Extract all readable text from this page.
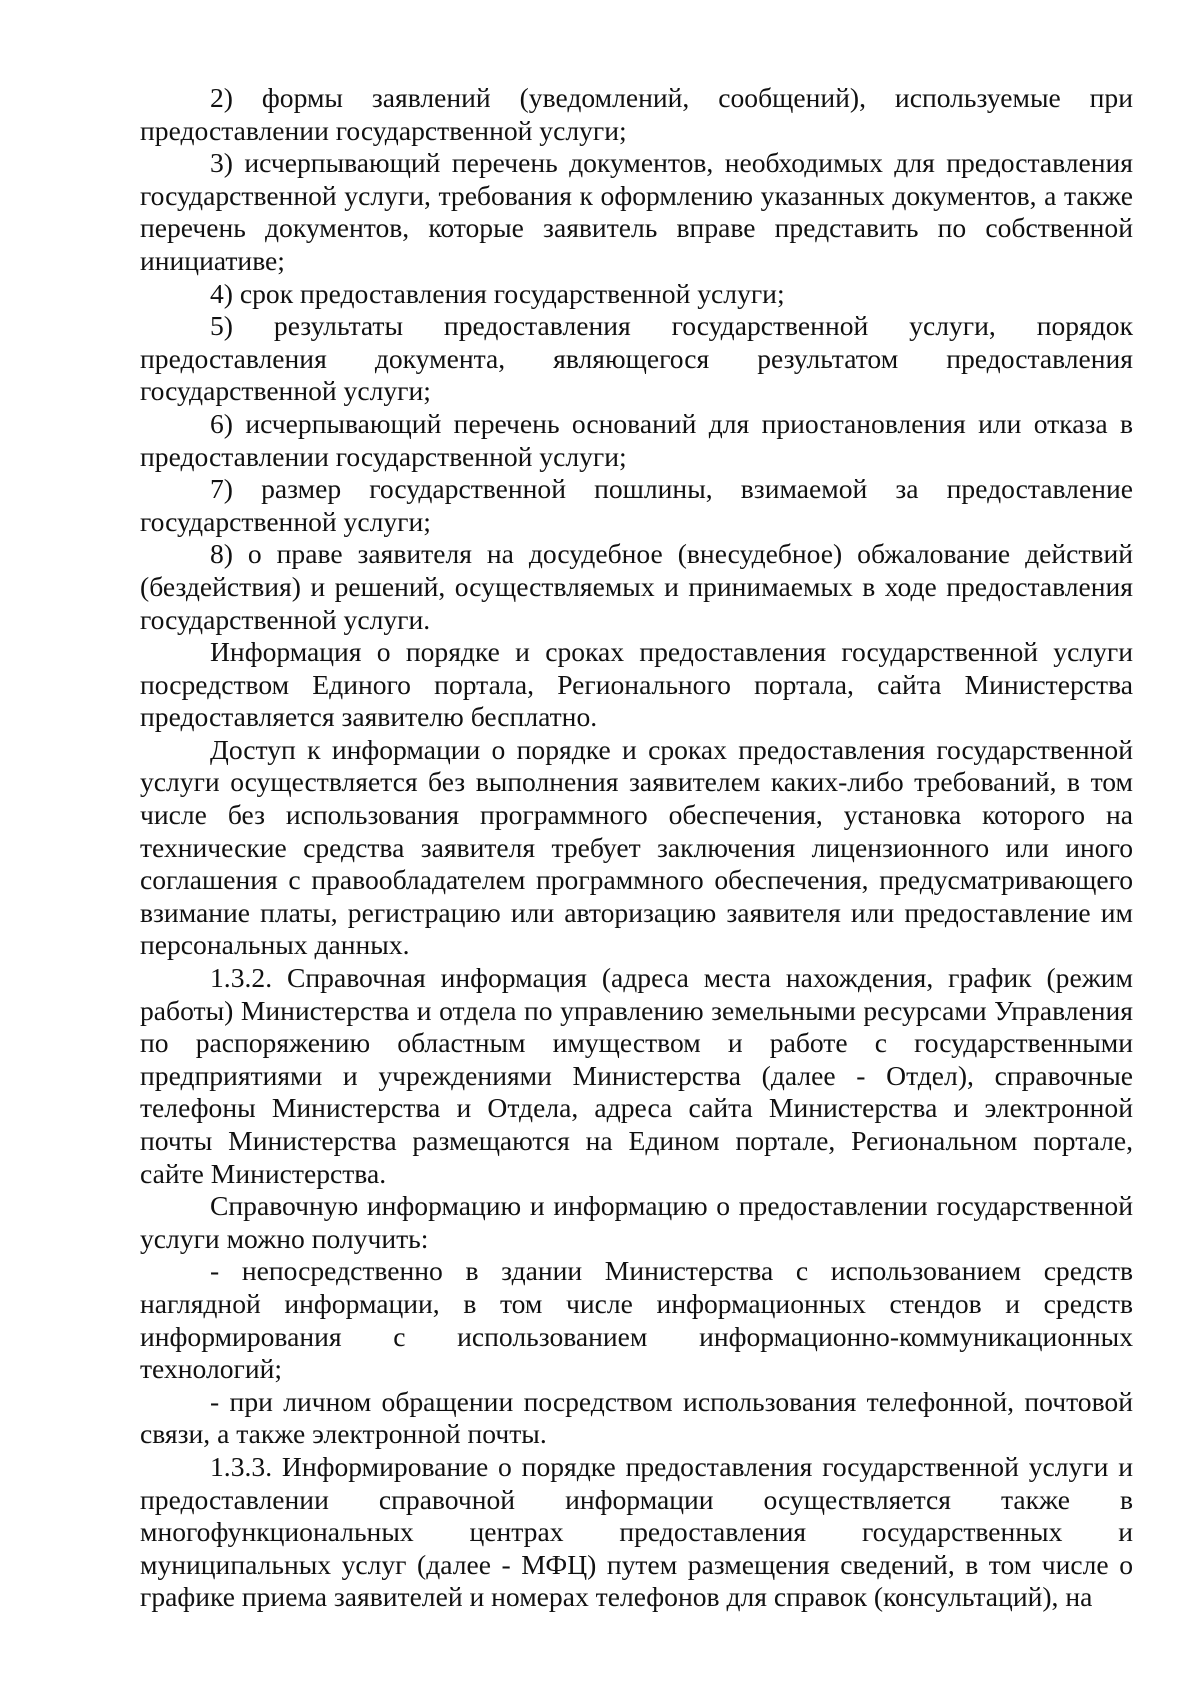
2) формы заявлений (уведомлений, сообщений), используемые при предоставлении государственной услуги;

3) исчерпывающий перечень документов, необходимых для предоставления государственной услуги, требования к оформлению указанных документов, а также перечень документов, которые заявитель вправе представить по собственной инициативе;

4) срок предоставления государственной услуги;

5) результаты предоставления государственной услуги, порядок предоставления документа, являющегося результатом предоставления государственной услуги;

6) исчерпывающий перечень оснований для приостановления или отказа в предоставлении государственной услуги;

7) размер государственной пошлины, взимаемой за предоставление государственной услуги;

8) о праве заявителя на досудебное (внесудебное) обжалование действий (бездействия) и решений, осуществляемых и принимаемых в ходе предоставления государственной услуги.

Информация о порядке и сроках предоставления государственной услуги посредством Единого портала, Регионального портала, сайта Министерства предоставляется заявителю бесплатно.

Доступ к информации о порядке и сроках предоставления государственной услуги осуществляется без выполнения заявителем каких-либо требований, в том числе без использования программного обеспечения, установка которого на технические средства заявителя требует заключения лицензионного или иного соглашения с правообладателем программного обеспечения, предусматривающего взимание платы, регистрацию или авторизацию заявителя или предоставление им персональных данных.

1.3.2. Справочная информация (адреса места нахождения, график (режим работы) Министерства и отдела по управлению земельными ресурсами Управления по распоряжению областным имуществом и работе с государственными предприятиями и учреждениями Министерства (далее - Отдел), справочные телефоны Министерства и Отдела, адреса сайта Министерства и электронной почты Министерства размещаются на Едином портале, Региональном портале, сайте Министерства.

Справочную информацию и информацию о предоставлении государственной услуги можно получить:

- непосредственно в здании Министерства с использованием средств наглядной информации, в том числе информационных стендов и средств информирования с использованием информационно-коммуникационных технологий;

- при личном обращении посредством использования телефонной, почтовой связи, а также электронной почты.

1.3.3. Информирование о порядке предоставления государственной услуги и предоставлении справочной информации осуществляется также в многофункциональных центрах предоставления государственных и муниципальных услуг (далее - МФЦ) путем размещения сведений, в том числе о графике приема заявителей и номерах телефонов для справок (консультаций), на
